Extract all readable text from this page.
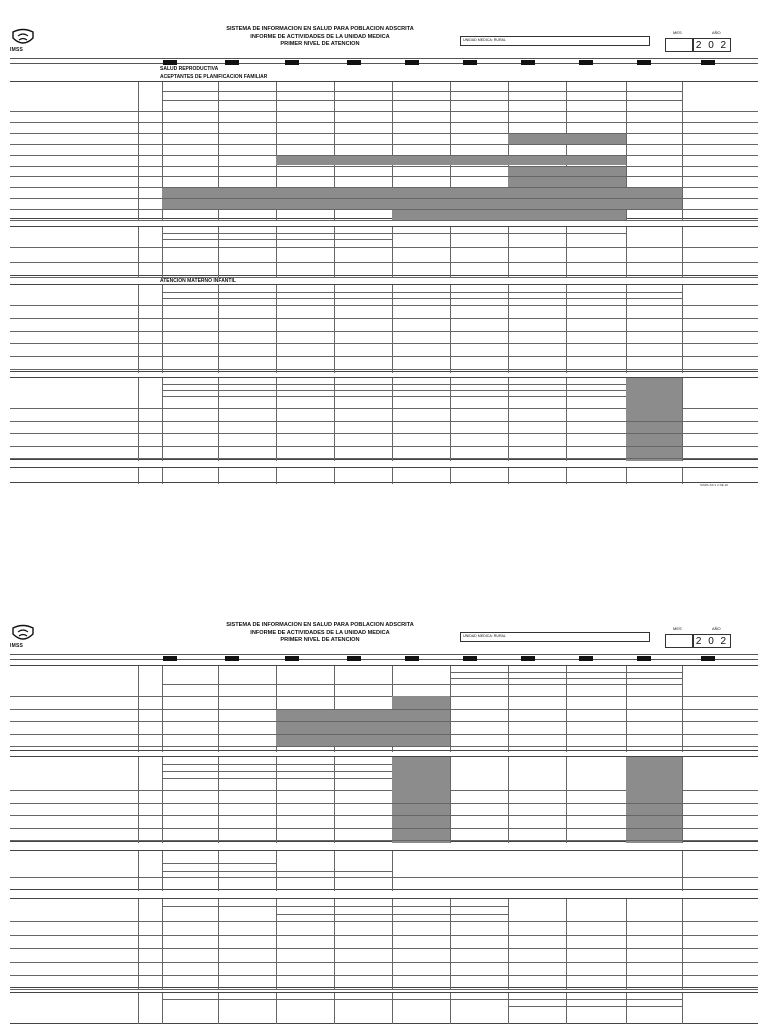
IMSS
SISTEMA DE INFORMACION EN SALUD PARA POBLACION ADSCRITA
INFORME DE ACTIVIDADES DE LA UNIDAD MEDICA
PRIMER NIVEL DE ATENCION
UNIDAD MEDICA: RURAL
MES	AÑO
2 0 2
SALUD REPRODUCTIVA
ACEPTANTES DE PLANIFICACION FAMILIAR
ATENCION MATERNO INFANTIL
SISPA-SS-1 2 DE 20
IMSS
SISTEMA DE INFORMACION EN SALUD PARA POBLACION ADSCRITA
INFORME DE ACTIVIDADES DE LA UNIDAD MEDICA
PRIMER NIVEL DE ATENCION
UNIDAD MEDICA: RURAL
MES	AÑO
2 0 2
